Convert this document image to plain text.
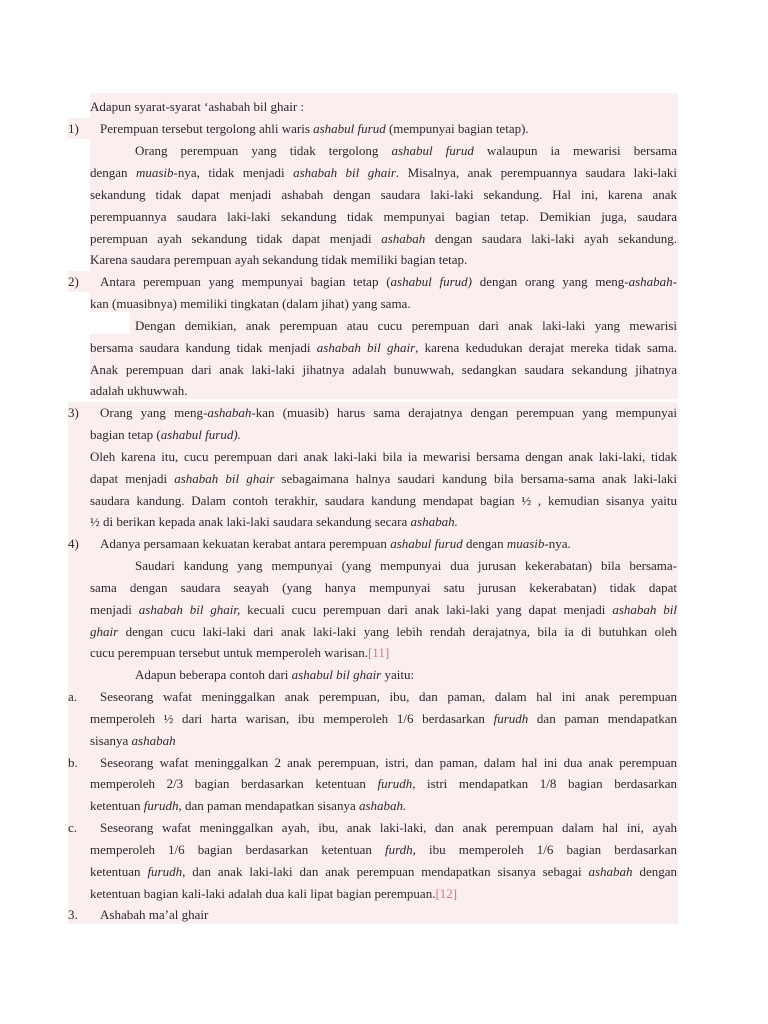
Adapun syarat-syarat ‘ashabah bil ghair :
1) Perempuan tersebut tergolong ahli waris ashabul furud (mempunyai bagian tetap).
Orang perempuan yang tidak tergolong ashabul furud walaupun ia mewarisi bersama
dengan muasib-nya, tidak menjadi ashabah bil ghair. Misalnya, anak perempuannya saudara laki-laki
sekandung tidak dapat menjadi ashabah dengan saudara laki-laki sekandung. Hal ini, karena anak
perempuannya saudara laki-laki sekandung tidak mempunyai bagian tetap. Demikian juga, saudara
perempuan ayah sekandung tidak dapat menjadi ashabah dengan saudara laki-laki ayah sekandung.
Karena saudara perempuan ayah sekandung tidak memiliki bagian tetap.
2) Antara perempuan yang mempunyai bagian tetap (ashabul furud) dengan orang yang meng-ashabah-
kan (muasibnya) memiliki tingkatan (dalam jihat) yang sama.
Dengan demikian, anak perempuan atau cucu perempuan dari anak laki-laki yang mewarisi
bersama saudara kandung tidak menjadi ashabah bil ghair, karena kedudukan derajat mereka tidak sama.
Anak perempuan dari anak laki-laki jihatnya adalah bunuwwah, sedangkan saudara sekandung jihatnya
adalah ukhuwwah.
3) Orang yang meng-ashabah-kan (muasib) harus sama derajatnya dengan perempuan yang mempunyai
bagian tetap (ashabul furud).
Oleh karena itu, cucu perempuan dari anak laki-laki bila ia mewarisi bersama dengan anak laki-laki, tidak
dapat menjadi ashabah bil ghair sebagaimana halnya saudari kandung bila bersama-sama anak laki-laki
saudara kandung. Dalam contoh terakhir, saudara kandung mendapat bagian ½ , kemudian sisanya yaitu
½ di berikan kepada anak laki-laki saudara sekandung secara ashabah.
4) Adanya persamaan kekuatan kerabat antara perempuan ashabul furud dengan muasib-nya.
Saudari kandung yang mempunyai (yang mempunyai dua jurusan kekerabatan) bila bersama-
sama dengan saudara seayah (yang hanya mempunyai satu jurusan kekerabatan) tidak dapat
menjadi ashabah bil ghair, kecuali cucu perempuan dari anak laki-laki yang dapat menjadi ashabah bil
ghair dengan cucu laki-laki dari anak laki-laki yang lebih rendah derajatnya, bila ia di butuhkan oleh
cucu perempuan tersebut untuk memperoleh warisan.[11]
Adapun beberapa contoh dari ashabul bil ghair yaitu:
a. Seseorang wafat meninggalkan anak perempuan, ibu, dan paman, dalam hal ini anak perempuan
memperoleh ½ dari harta warisan, ibu memperoleh 1/6 berdasarkan furudh dan paman mendapatkan
sisanya ashabah
b. Seseorang wafat meninggalkan 2 anak perempuan, istri, dan paman, dalam hal ini dua anak perempuan
memperoleh 2/3 bagian berdasarkan ketentuan furudh, istri mendapatkan 1/8 bagian berdasarkan
ketentuan furudh, dan paman mendapatkan sisanya ashabah.
c. Seseorang wafat meninggalkan ayah, ibu, anak laki-laki, dan anak perempuan dalam hal ini, ayah
memperoleh 1/6 bagian berdasarkan ketentuan furdh, ibu memperoleh 1/6 bagian berdasarkan
ketentuan furudh, dan anak laki-laki dan anak perempuan mendapatkan sisanya sebagai ashabah dengan
ketentuan bagian kali-laki adalah dua kali lipat bagian perempuan.[12]
3. Ashabah ma’al ghair
